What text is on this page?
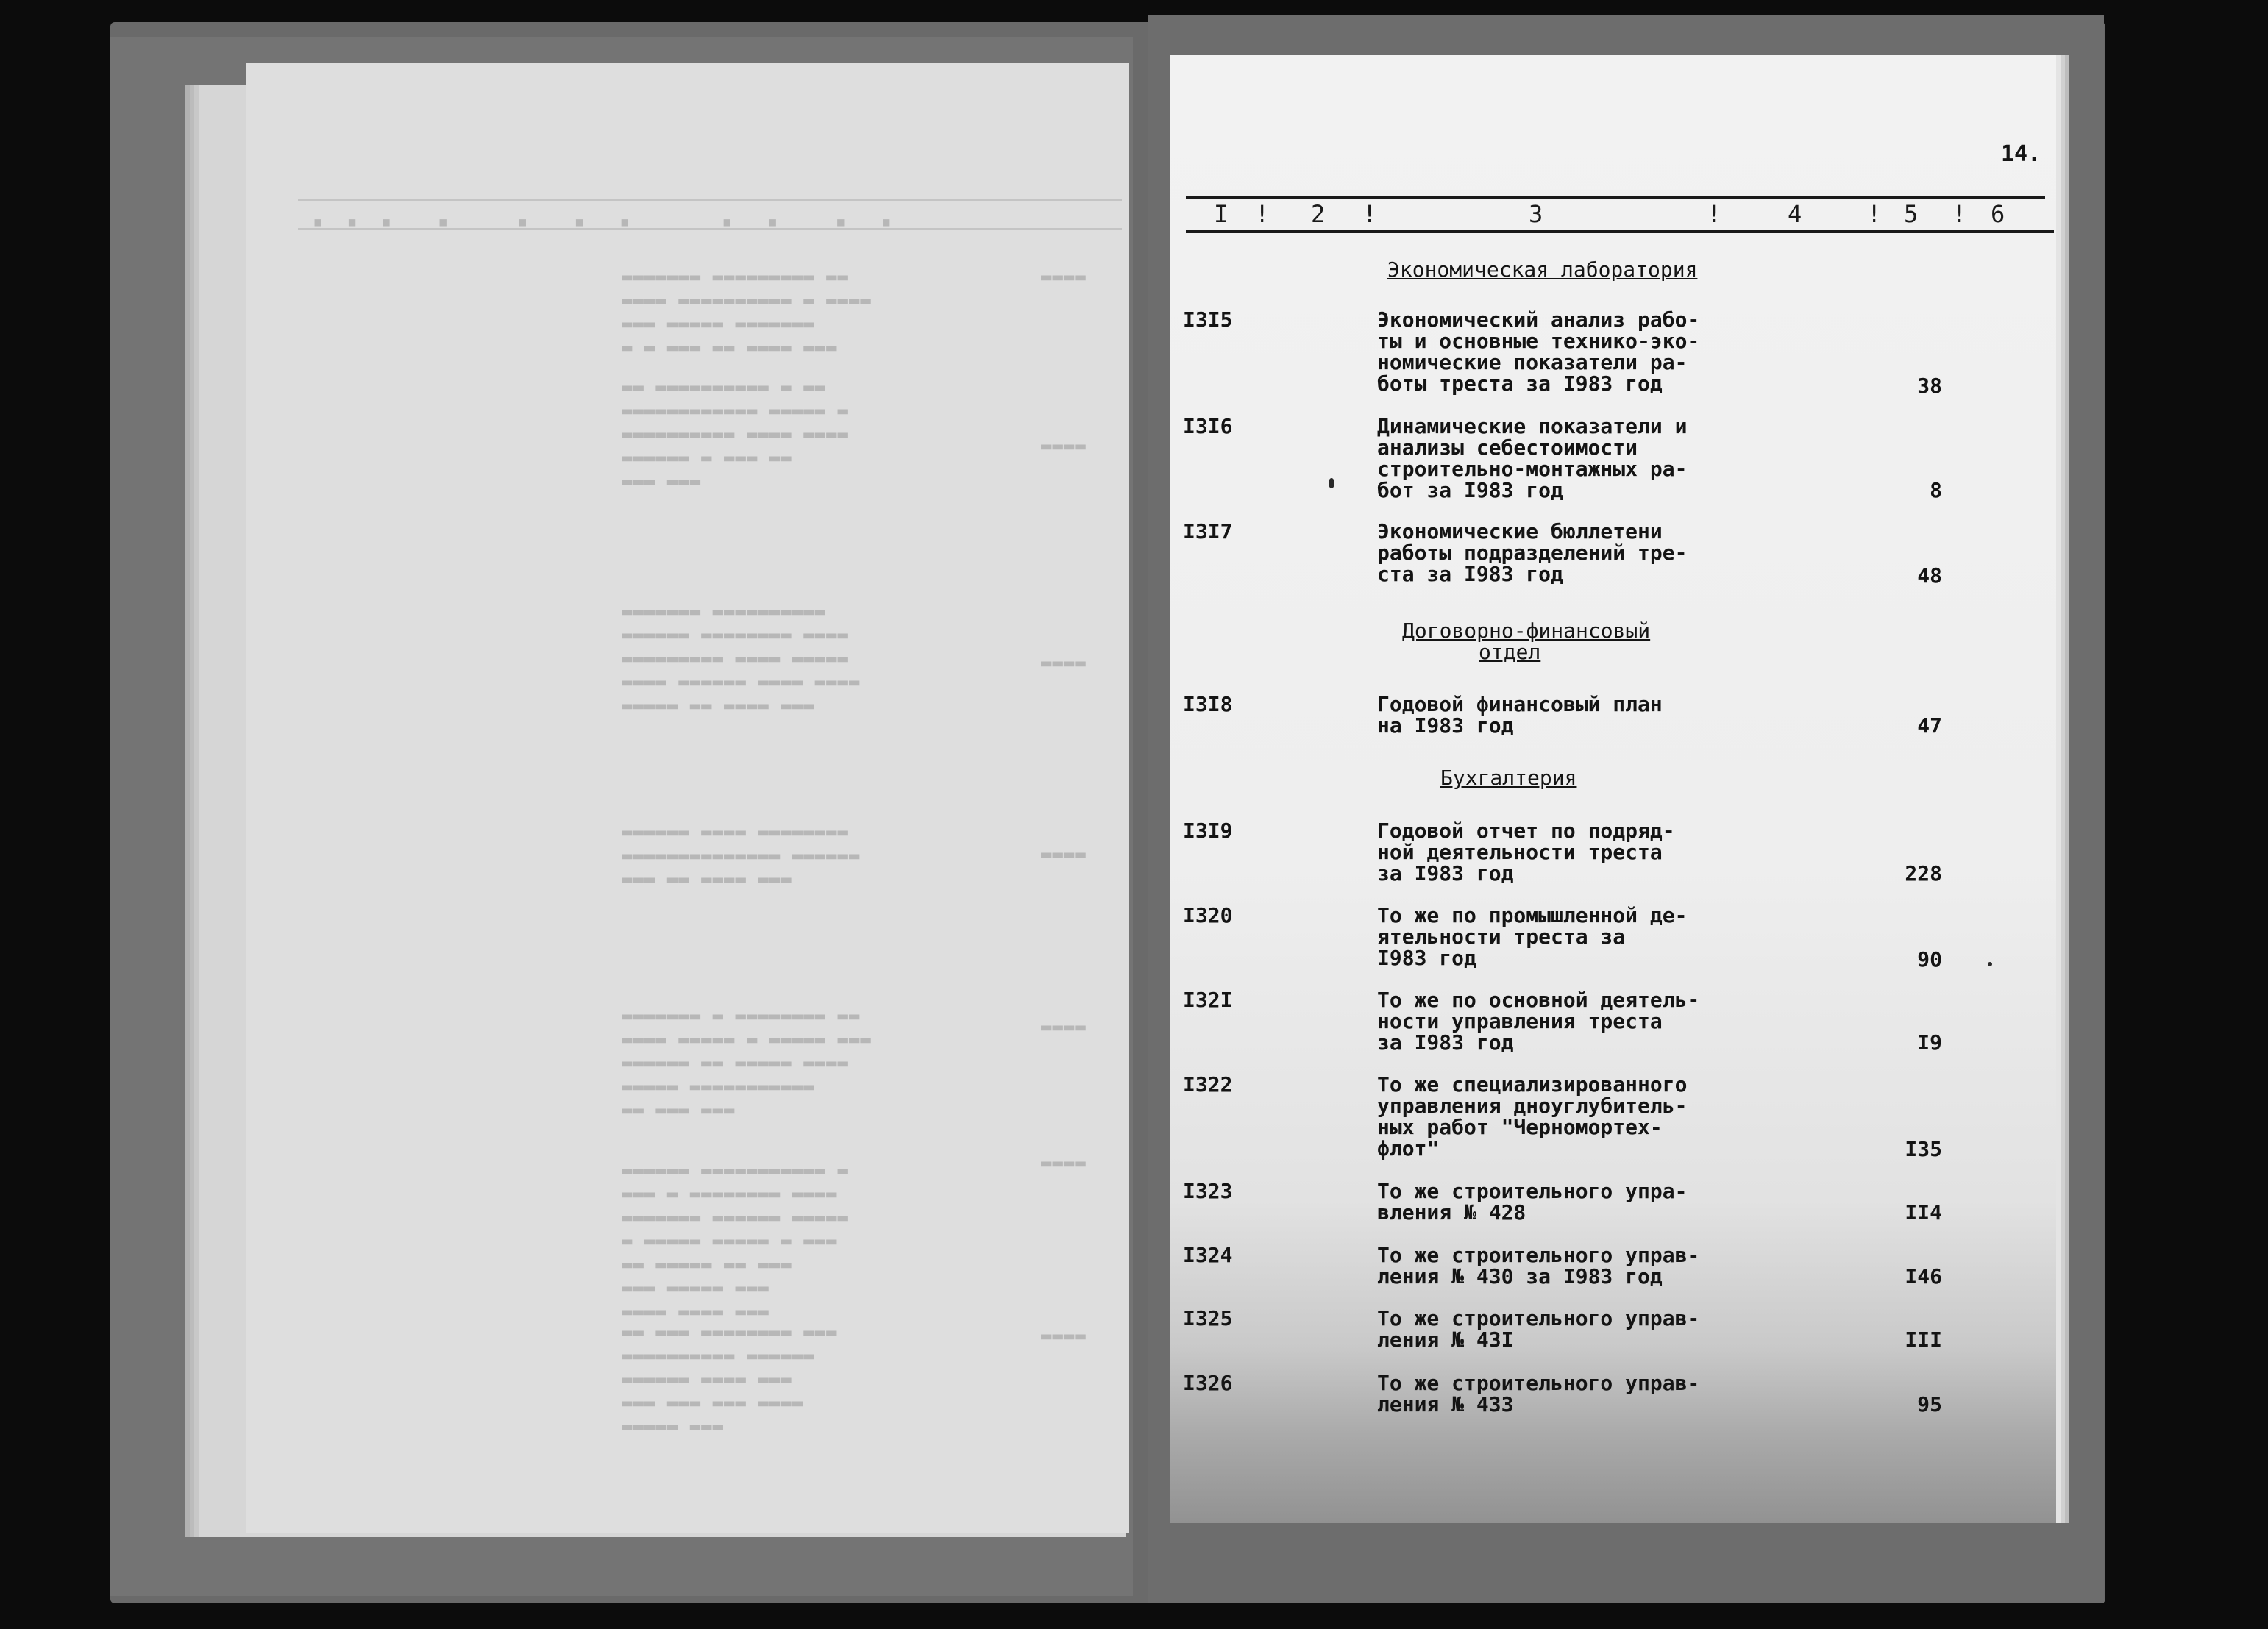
▪  ▪  ▪    ▪      ▪    ▪   ▪        ▪   ▪     ▪   ▪
▬▬▬▬▬▬▬ ▬▬▬▬▬▬▬▬▬ ▬▬
▬▬▬▬ ▬▬▬▬▬▬▬▬▬▬ ▬ ▬▬▬▬
▬▬▬ ▬▬▬▬▬ ▬▬▬▬▬▬▬
▬ ▬ ▬▬▬ ▬▬ ▬▬▬▬ ▬▬▬
▬▬ ▬▬▬▬▬▬▬▬▬▬ ▬ ▬▬
▬▬▬▬▬▬▬▬▬▬▬▬ ▬▬▬▬▬ ▬
▬▬▬▬▬▬▬▬▬▬ ▬▬▬▬ ▬▬▬▬
▬▬▬▬▬▬ ▬ ▬▬▬ ▬▬
▬▬▬ ▬▬▬
▬▬▬▬▬▬▬ ▬▬▬▬▬▬▬▬▬▬
▬▬▬▬▬▬ ▬▬▬▬▬▬▬▬ ▬▬▬▬
▬▬▬▬▬▬▬▬▬ ▬▬▬▬ ▬▬▬▬▬
▬▬▬▬ ▬▬▬▬▬▬ ▬▬▬▬ ▬▬▬▬
▬▬▬▬▬ ▬▬ ▬▬▬▬ ▬▬▬
▬▬▬▬▬▬ ▬▬▬▬ ▬▬▬▬▬▬▬▬
▬▬▬▬▬▬▬▬▬▬▬▬▬▬ ▬▬▬▬▬▬
▬▬▬ ▬▬ ▬▬▬▬ ▬▬▬
▬▬▬▬▬▬▬ ▬ ▬▬▬▬▬▬▬▬ ▬▬
▬▬▬▬ ▬▬▬▬▬ ▬ ▬▬▬▬▬ ▬▬▬
▬▬▬▬▬▬ ▬▬ ▬▬▬▬▬ ▬▬▬▬
▬▬▬▬▬ ▬▬▬▬▬▬▬▬▬▬▬
▬▬ ▬▬▬ ▬▬▬
▬▬▬▬▬▬ ▬▬▬▬▬▬▬▬▬▬▬ ▬
▬▬▬ ▬ ▬▬▬▬▬▬▬▬ ▬▬▬▬
▬▬▬▬▬▬▬ ▬▬▬▬▬▬ ▬▬▬▬▬
▬ ▬▬▬▬▬ ▬▬▬▬▬ ▬ ▬▬▬
▬▬ ▬▬▬▬▬ ▬▬ ▬▬▬
▬▬▬ ▬▬▬▬▬ ▬▬▬
▬▬▬▬ ▬▬▬▬ ▬▬▬
▬▬ ▬▬▬ ▬▬▬▬▬▬▬▬ ▬▬▬
▬▬▬▬▬▬▬▬▬▬ ▬▬▬▬▬▬
▬▬▬▬▬▬ ▬▬▬▬ ▬▬▬
▬▬▬ ▬▬▬ ▬▬▬ ▬▬▬▬
▬▬▬▬▬ ▬▬▬
▬▬▬▬
▬▬▬▬
▬▬▬▬
▬▬▬▬
▬▬▬▬
▬▬▬▬
▬▬▬▬
14.
I ! 2 !	3	!	4	! 5 ! 6
Экономическая лаборатория
I3I5	Экономический анализ рабо-
ты и основные технико-эко-
номические показатели ра-
боты треста за I983 год	38
I3I6	Динамические показатели и
анализы себестоимости
строительно-монтажных ра-
бот за I983 год	8
I3I7	Экономические бюллетени
работы подразделений тре-
ста за I983 год	48
Договорно-финансовый
отдел
I3I8	Годовой финансовый план
на I983 год	47
Бухгалтерия
I3I9	Годовой отчет по подряд-
ной деятельности треста
за I983 год	228
I320	То же по промышленной де-
ятельности треста за
I983 год	90
I32I	То же по основной деятель-
ности управления треста
за I983 год	I9
I322	То же специализированного
управления дноуглубитель-
ных работ "Черномортех-
флот"	I35
I323	То же строительного упра-
вления № 428	II4
I324	То же строительного управ-
ления № 430 за I983 год	I46
I325	То же строительного управ-
ления № 43I	III
I326	То же строительного управ-
ления № 433	95
